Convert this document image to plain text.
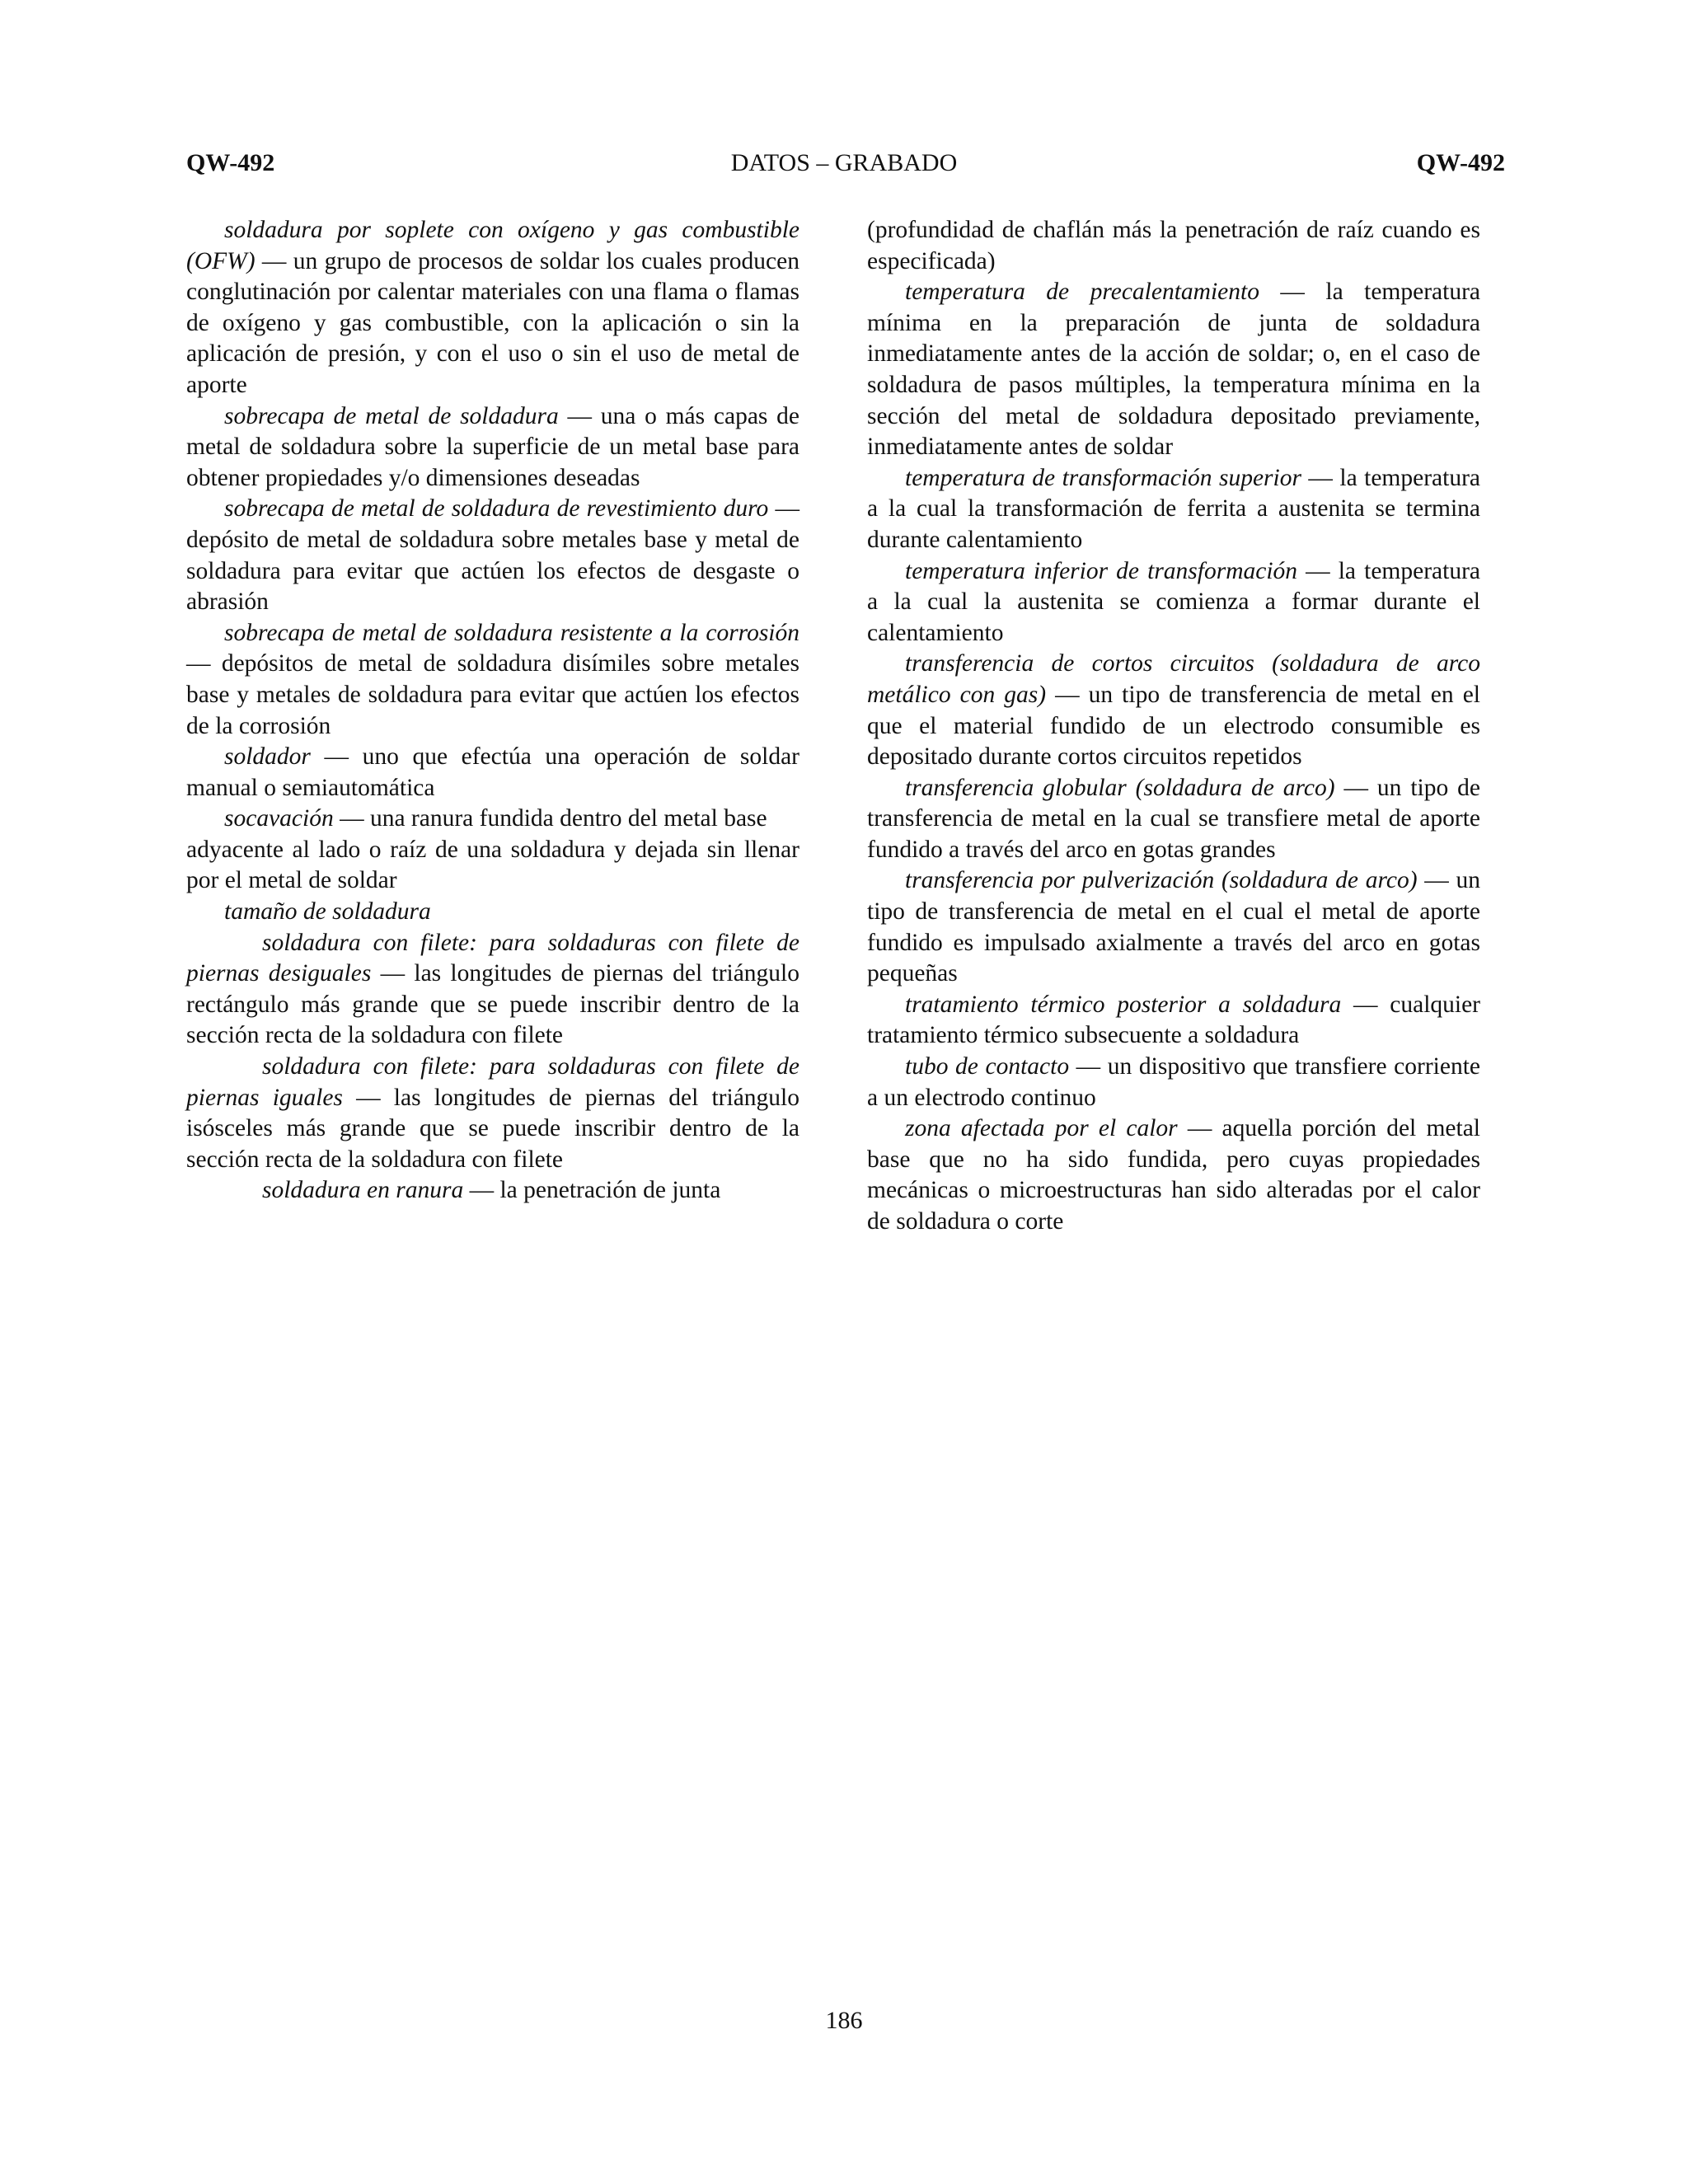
QW-492	DATOS – GRABADO	QW-492

soldadura por soplete con oxígeno y gas combustible (OFW) — un grupo de procesos de soldar los cuales producen conglutinación por calentar materiales con una flama o flamas de oxígeno y gas combustible, con la aplicación o sin la aplicación de presión, y con el uso o sin el uso de metal de aporte

sobrecapa de metal de soldadura — una o más capas de metal de soldadura sobre la superficie de un metal base para obtener propiedades y/o dimensiones deseadas

sobrecapa de metal de soldadura de revestimiento duro — depósito de metal de soldadura sobre metales base y metal de soldadura para evitar que actúen los efectos de desgaste o abrasión

sobrecapa de metal de soldadura resistente a la corrosión — depósitos de metal de soldadura disímiles sobre metales base y metales de soldadura para evitar que actúen los efectos de la corrosión

soldador — uno que efectúa una operación de soldar manual o semiautomática

socavación — una ranura fundida dentro del metal base

adyacente al lado o raíz de una soldadura y dejada sin llenar por el metal de soldar

tamaño de soldadura

soldadura con filete: para soldaduras con filete de piernas desiguales — las longitudes de piernas del triángulo rectángulo más grande que se puede inscribir dentro de la sección recta de la soldadura con filete

soldadura con filete: para soldaduras con filete de piernas iguales — las longitudes de piernas del triángulo isósceles más grande que se puede inscribir dentro de la sección recta de la soldadura con filete

soldadura en ranura — la penetración de junta

(profundidad de chaflán más la penetración de raíz cuando es especificada)

temperatura de precalentamiento — la temperatura mínima en la preparación de junta de soldadura inmediatamente antes de la acción de soldar; o, en el caso de soldadura de pasos múltiples, la temperatura mínima en la sección del metal de soldadura depositado previamente, inmediatamente antes de soldar

temperatura de transformación superior — la temperatura a la cual la transformación de ferrita a austenita se termina durante calentamiento

temperatura inferior de transformación — la temperatura a la cual la austenita se comienza a formar durante el calentamiento

transferencia de cortos circuitos (soldadura de arco metálico con gas) — un tipo de transferencia de metal en el que el material fundido de un electrodo consumible es depositado durante cortos circuitos repetidos

transferencia globular (soldadura de arco) — un tipo de transferencia de metal en la cual se transfiere metal de aporte fundido a través del arco en gotas grandes

transferencia por pulverización (soldadura de arco) — un tipo de transferencia de metal en el cual el metal de aporte fundido es impulsado axialmente a través del arco en gotas pequeñas

tratamiento térmico posterior a soldadura — cualquier tratamiento térmico subsecuente a soldadura

tubo de contacto — un dispositivo que transfiere corriente a un electrodo continuo

zona afectada por el calor — aquella porción del metal base que no ha sido fundida, pero cuyas propiedades mecánicas o microestructuras han sido alteradas por el calor de soldadura o corte

186
